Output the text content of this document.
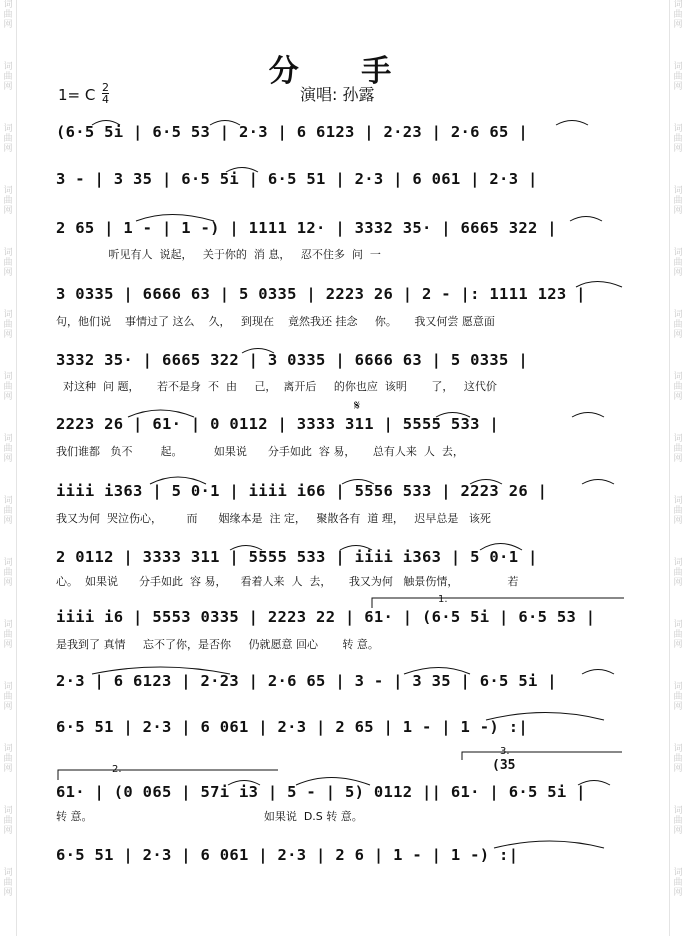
词曲网
词曲网
词曲网
词曲网
词曲网
词曲网
词曲网
词曲网
词曲网
词曲网
词曲网
词曲网
词曲网
词曲网
词曲网
词曲网
词曲网
词曲网
词曲网
词曲网
词曲网
词曲网
词曲网
词曲网
词曲网
词曲网
词曲网
词曲网
词曲网
词曲网
分 手
演唱: 孙露
1= C 2
4
(6·5 5i | 6·5 53 | 2·3 | 6 6123 | 2·23 | 2·6 65 |
3 - | 3 35 | 6·5 5i | 6·5 51 | 2·3 | 6 061 | 2·3 |
2 65 | 1 - | 1 -) | 1111 12· | 3332 35· | 6665 322 |
听见有人  说起，   关于你的  消 息，   忍不住多  问  一
3 0335 | 6666 63 | 5 0335 | 2223 26 | 2 - |: 1111 123 |
句，他们说    事情过了 这么    久，   到现在    竟然我还 挂念     你。     我又何尝 愿意面
3332 35· | 6665 322 | 3 0335 | 6666 63 | 5 0335 |
对这种  问 题，     若不是身  不  由     己，  离开后     的你也应  该明       了，   这代价
2223 26 | 61· | 0 0112 | 3333 311 | 5555 533 |
我们谁都   负不        起。         如果说      分手如此  容 易，     总有人来  人  去，
iiii i363 | 5 0·1 | iiii i66 | 5556 533 | 2223 26 |
我又为何  哭泣伤心，       而      姻缘本是  注 定，   聚散各有  道 理，   迟早总是   该死
2 0112 | 3333 311 | 5555 533 | iiii i363 | 5 0·1 |
心。  如果说      分手如此  容 易，    看着人来  人  去，     我又为何   触景伤情，              若
iiii i6 | 5553 0335 | 2223 22 | 61· | (6·5 5i | 6·5 53 |
是我到了 真情     忘不了你，是否你     仍就愿意 回心       转 意。
2·3 | 6 6123 | 2·23 | 2·6 65 | 3 - | 3 35 | 6·5 5i |
6·5 51 | 2·3 | 6 061 | 2·3 | 2 65 | 1 - | 1 -) :|
61· | (0 065 | 57i i3 | 5 - | 5) 0112 || 61· | 6·5 5i |
转 意。                                                 如果说  D.S 转 意。
6·5 51 | 2·3 | 6 061 | 2·3 | 2 6 | 1 - | 1 -) :|
1.
2.
3.
(35
𝄋
